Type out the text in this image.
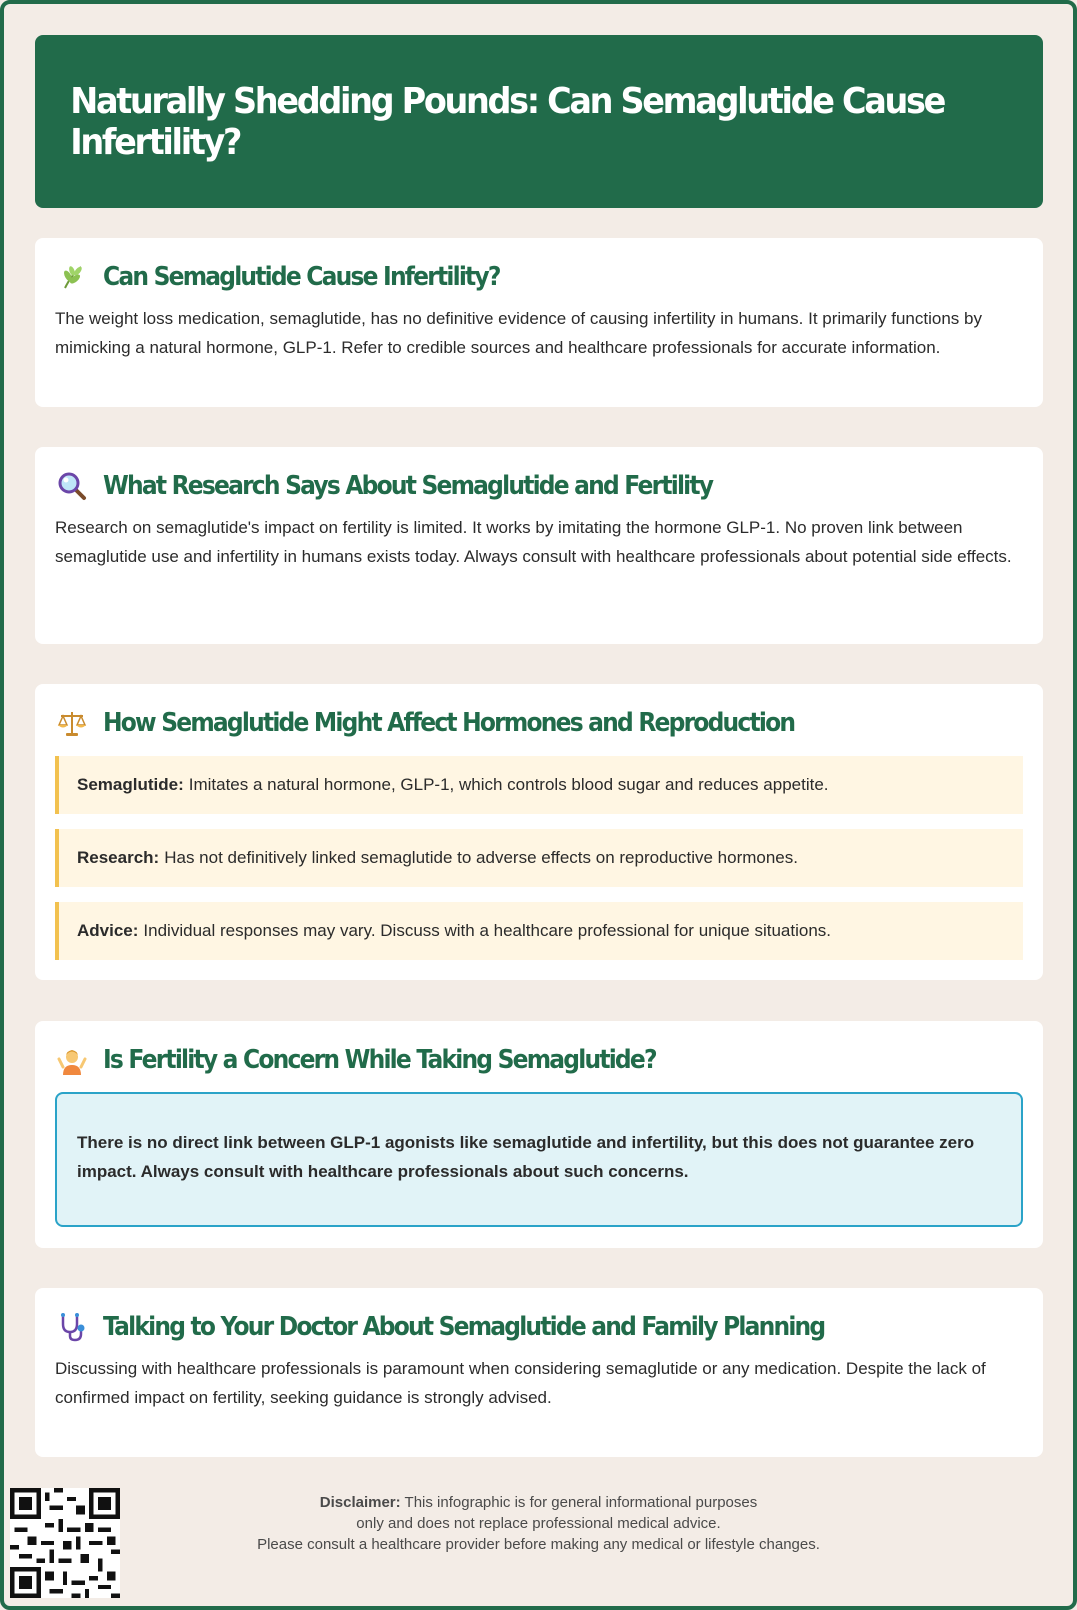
Naturally Shedding Pounds: Can Semaglutide Cause Infertility?
Can Semaglutide Cause Infertility?

The weight loss medication, semaglutide, has no definitive evidence of causing infertility in humans. It primarily functions by mimicking a natural hormone, GLP-1. Refer to credible sources and healthcare professionals for accurate information.

What Research Says About Semaglutide and Fertility

Research on semaglutide's impact on fertility is limited. It works by imitating the hormone GLP-1. No proven link between semaglutide use and infertility in humans exists today. Always consult with healthcare professionals about potential side effects.

How Semaglutide Might Affect Hormones and Reproduction
Semaglutide: Imitates a natural hormone, GLP-1, which controls blood sugar and reduces appetite.
Research: Has not definitively linked semaglutide to adverse effects on reproductive hormones.
Advice: Individual responses may vary. Discuss with a healthcare professional for unique situations.
Is Fertility a Concern While Taking Semaglutide?
There is no direct link between GLP-1 agonists like semaglutide and infertility, but this does not guarantee zero impact. Always consult with healthcare professionals about such concerns.
Talking to Your Doctor About Semaglutide and Family Planning

Discussing with healthcare professionals is paramount when considering semaglutide or any medication. Despite the lack of confirmed impact on fertility, seeking guidance is strongly advised.

Disclaimer: This infographic is for general informational purposes
only and does not replace professional medical advice.
Please consult a healthcare provider before making any medical or lifestyle changes.
